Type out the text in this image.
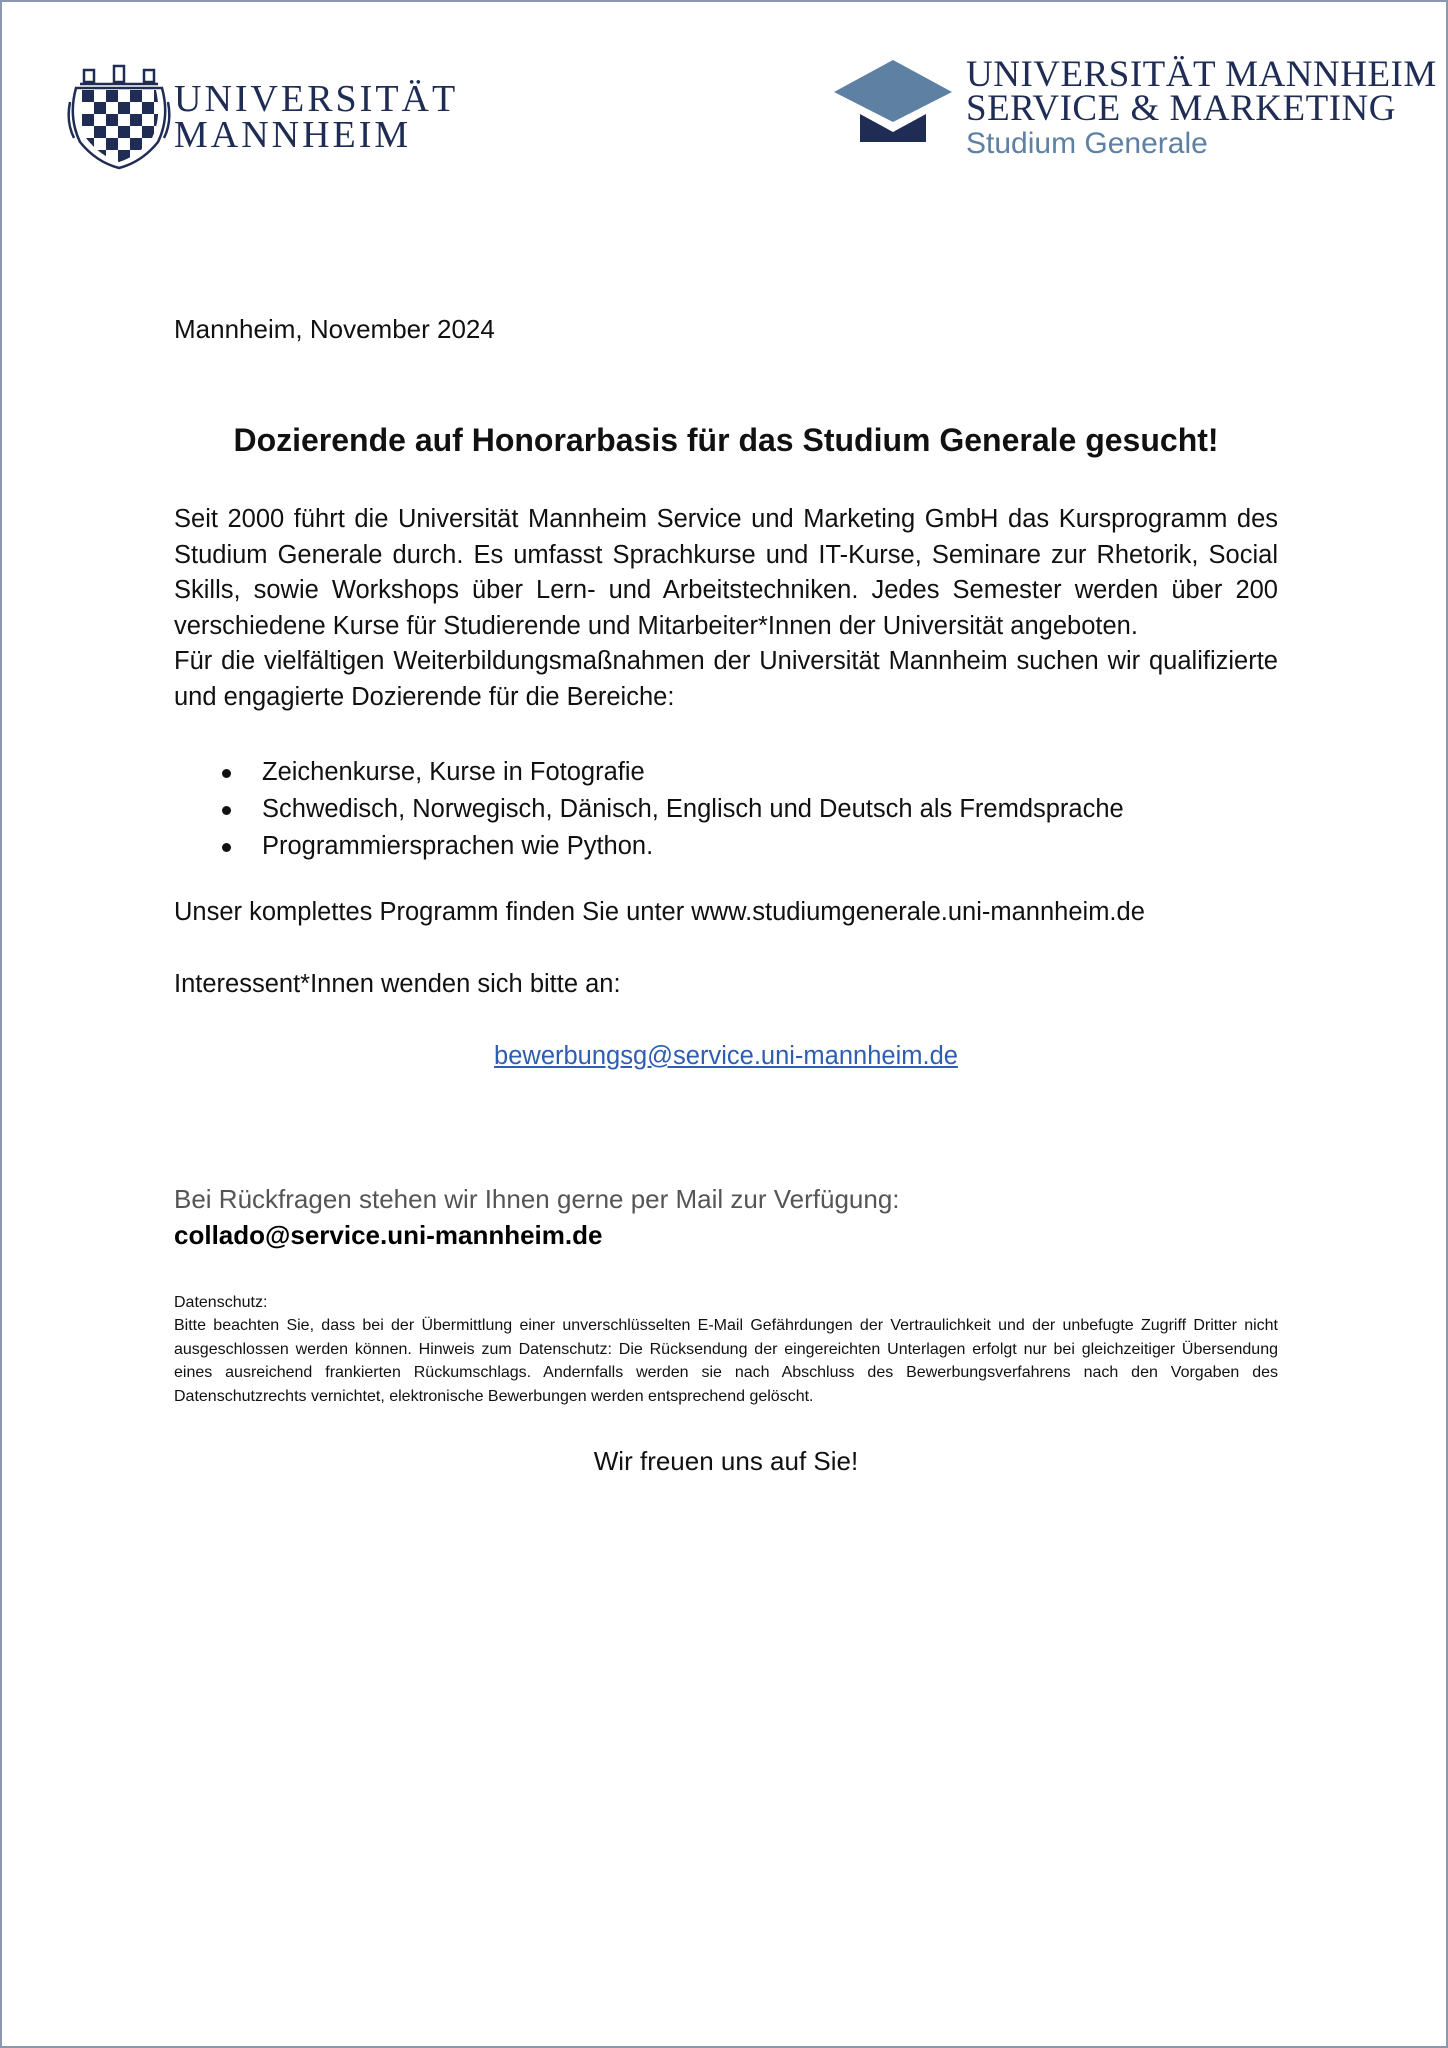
UNIVERSITÄT
MANNHEIM
UNIVERSITÄT MANNHEIM
SERVICE & MARKETING
Studium Generale
Mannheim, November 2024
Dozierende auf Honorarbasis für das Studium Generale gesucht!

Seit 2000 führt die Universität Mannheim Service und Marketing GmbH das Kursprogramm des Studium Generale durch. Es umfasst Sprachkurse und IT-Kurse, Seminare zur Rhetorik, Social Skills, sowie Workshops über Lern- und Arbeitstechniken. Jedes Semester werden über 200 verschiedene Kurse für Studierende und Mitarbeiter*Innen der Universität angeboten.

Für die vielfältigen Weiterbildungsmaßnahmen der Universität Mannheim suchen wir qualifizierte und engagierte Dozierende für die Bereiche:

Zeichenkurse, Kurse in Fotografie
Schwedisch, Norwegisch, Dänisch, Englisch und Deutsch als Fremdsprache
Programmiersprachen wie Python.
Unser komplettes Programm finden Sie unter www.studiumgenerale.uni-mannheim.de
Interessent*Innen wenden sich bitte an:
bewerbungsg@service.uni-mannheim.de
Bei Rückfragen stehen wir Ihnen gerne per Mail zur Verfügung:
collado@service.uni-mannheim.de
Datenschutz:
Bitte beachten Sie, dass bei der Übermittlung einer unverschlüsselten E-Mail Gefährdungen der Vertraulichkeit und der unbefugte Zugriff Dritter nicht ausgeschlossen werden können. Hinweis zum Datenschutz: Die Rücksendung der eingereichten Unterlagen erfolgt nur bei gleichzeitiger Übersendung eines ausreichend frankierten Rückumschlags. Andernfalls werden sie nach Abschluss des Bewerbungsverfahrens nach den Vorgaben des Datenschutzrechts vernichtet, elektronische Bewerbungen werden entsprechend gelöscht.
Wir freuen uns auf Sie!
